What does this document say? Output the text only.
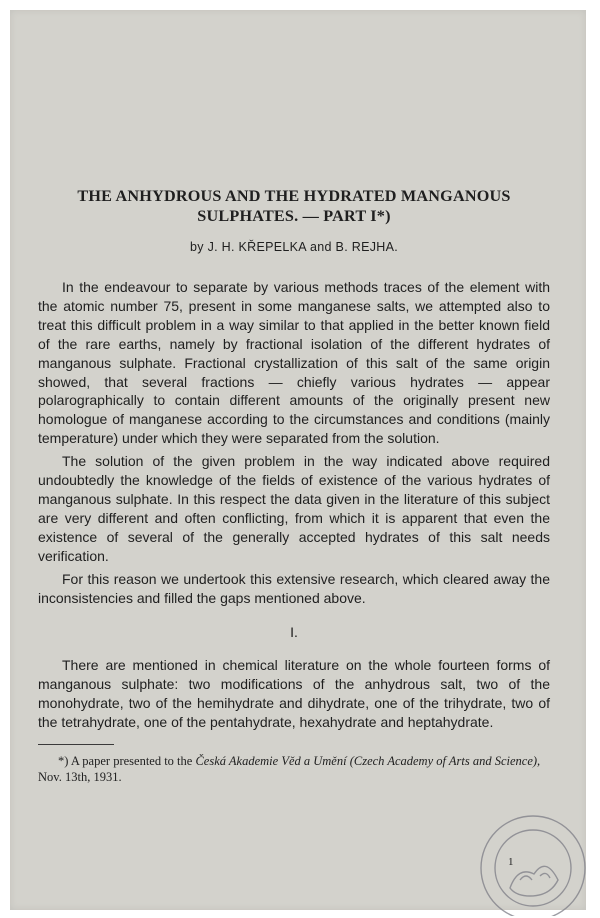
THE ANHYDROUS AND THE HYDRATED MANGANOUS
SULPHATES. — PART I*)

by J. H. KŘEPELKA and B. REJHA.

In the endeavour to separate by various methods traces of the element with the atomic number 75, present in some manganese salts, we attempted also to treat this difficult problem in a way similar to that applied in the better known field of the rare earths, namely by fractional isolation of the different hydrates of manganous sulphate. Fractional crystallization of this salt of the same origin showed, that several fractions — chiefly various hydrates — appear polarographically to contain different amounts of the originally present new homologue of manganese according to the circumstances and conditions (mainly temperature) under which they were separated from the solution.

The solution of the given problem in the way indicated above required undoubtedly the knowledge of the fields of existence of the various hydrates of manganous sulphate. In this respect the data given in the literature of this subject are very different and often conflicting, from which it is apparent that even the existence of several of the generally accepted hydrates of this salt needs verification.

For this reason we undertook this extensive research, which cleared away the inconsistencies and filled the gaps mentioned above.

I.

There are mentioned in chemical literature on the whole fourteen forms of manganous sulphate: two modifications of the anhydrous salt, two of the monohydrate, two of the hemihydrate and dihydrate, one of the trihydrate, two of the tetrahydrate, one of the pentahydrate, hexahydrate and heptahydrate.

*) A paper presented to the Česká Akademie Věd a Umění (Czech Academy of Arts and Science), Nov. 13th, 1931.

1
